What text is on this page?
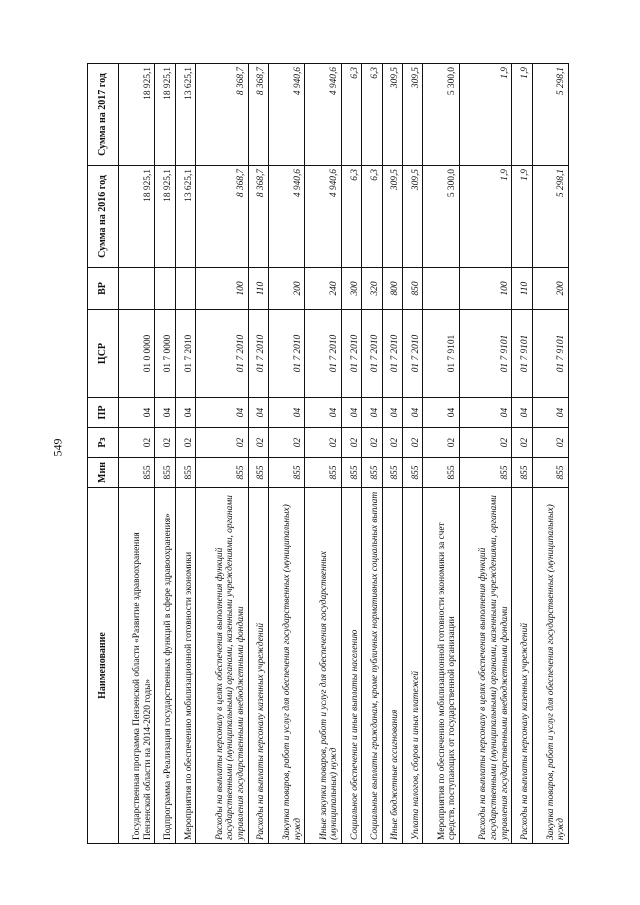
549
Наименование	Мин	Рз	ПР	ЦСР	ВР	Сумма на 2016 год	Сумма на 2017 год
Государственная программа Пензенской области «Развитие здравоохранения Пензенской области на 2014-2020 годы»	855	02	04	01 0 0000		18 925,1	18 925,1
Подпрограмма «Реализация государственных функций в сфере здравоохранения»	855	02	04	01 7 0000		18 925,1	18 925,1
Мероприятия по обеспечению мобилизационной готовности экономики	855	02	04	01 7 2010		13 625,1	13 625,1
Расходы на выплаты персоналу в целях обеспечения выполнения функций государственными (муниципальными) органами, казенными учреждениями, органами управления государственными внебюджетными фондами	855	02	04	01 7 2010	100	8 368,7	8 368,7
Расходы на выплаты персоналу казенных учреждений	855	02	04	01 7 2010	110	8 368,7	8 368,7
Закупка товаров, работ и услуг для обеспечения государственных (муниципальных) нужд	855	02	04	01 7 2010	200	4 940,6	4 940,6
Иные закупки товаров, работ и услуг для обеспечения государственных (муниципальных) нужд	855	02	04	01 7 2010	240	4 940,6	4 940,6
Социальное обеспечение и иные выплаты населению	855	02	04	01 7 2010	300	6,3	6,3
Социальные выплаты гражданам, кроме публичных нормативных социальных выплат	855	02	04	01 7 2010	320	6,3	6,3
Иные бюджетные ассигнования	855	02	04	01 7 2010	800	309,5	309,5
Уплата налогов, сборов и иных платежей	855	02	04	01 7 2010	850	309,5	309,5
Мероприятия по обеспечению мобилизационной готовности экономики за счет средств, поступающих от государственной организации	855	02	04	01 7 9101		5 300,0	5 300,0
Расходы на выплаты персоналу в целях обеспечения выполнения функций государственными (муниципальными) органами, казенными учреждениями, органами управления государственными внебюджетными фондами	855	02	04	01 7 9101	100	1,9	1,9
Расходы на выплаты персоналу казенных учреждений	855	02	04	01 7 9101	110	1,9	1,9
Закупка товаров, работ и услуг для обеспечения государственных (муниципальных) нужд	855	02	04	01 7 9101	200	5 298,1	5 298,1
